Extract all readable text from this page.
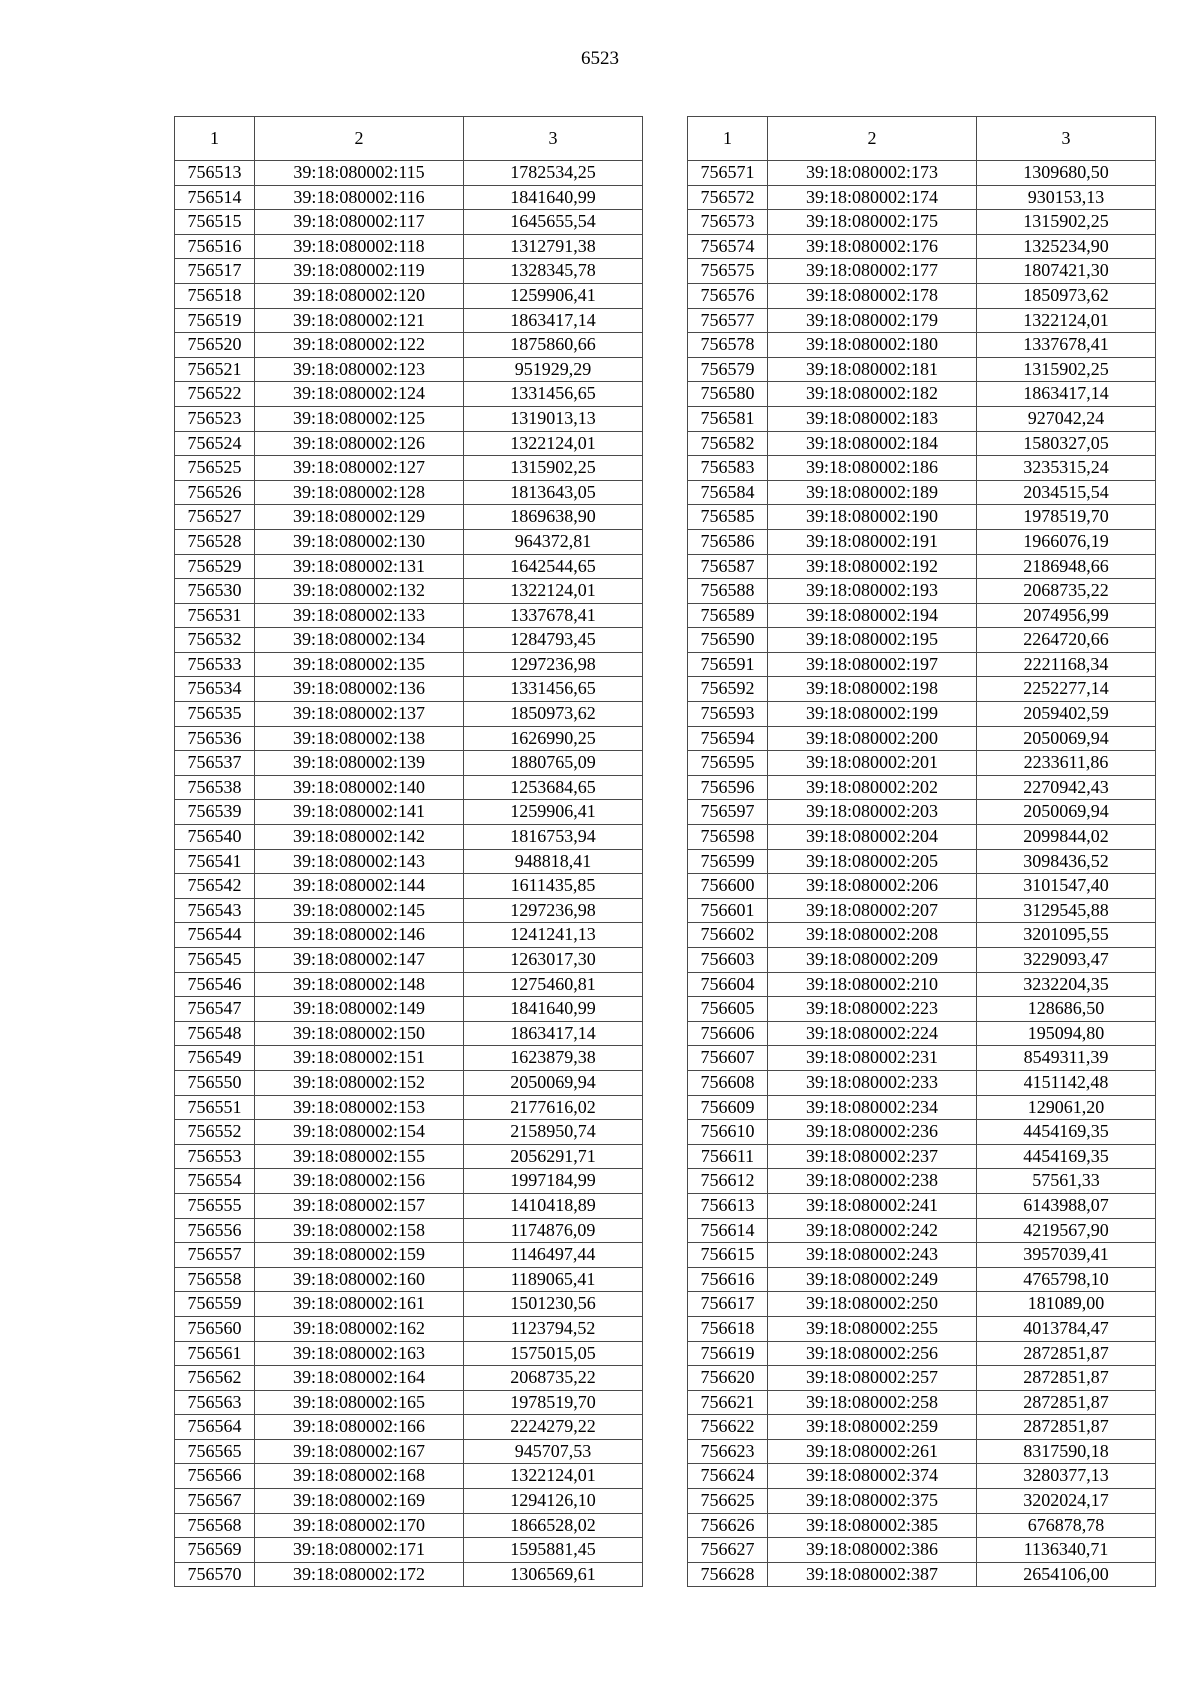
6523
1	2	3
756513	39:18:080002:115	1782534,25
756514	39:18:080002:116	1841640,99
756515	39:18:080002:117	1645655,54
756516	39:18:080002:118	1312791,38
756517	39:18:080002:119	1328345,78
756518	39:18:080002:120	1259906,41
756519	39:18:080002:121	1863417,14
756520	39:18:080002:122	1875860,66
756521	39:18:080002:123	951929,29
756522	39:18:080002:124	1331456,65
756523	39:18:080002:125	1319013,13
756524	39:18:080002:126	1322124,01
756525	39:18:080002:127	1315902,25
756526	39:18:080002:128	1813643,05
756527	39:18:080002:129	1869638,90
756528	39:18:080002:130	964372,81
756529	39:18:080002:131	1642544,65
756530	39:18:080002:132	1322124,01
756531	39:18:080002:133	1337678,41
756532	39:18:080002:134	1284793,45
756533	39:18:080002:135	1297236,98
756534	39:18:080002:136	1331456,65
756535	39:18:080002:137	1850973,62
756536	39:18:080002:138	1626990,25
756537	39:18:080002:139	1880765,09
756538	39:18:080002:140	1253684,65
756539	39:18:080002:141	1259906,41
756540	39:18:080002:142	1816753,94
756541	39:18:080002:143	948818,41
756542	39:18:080002:144	1611435,85
756543	39:18:080002:145	1297236,98
756544	39:18:080002:146	1241241,13
756545	39:18:080002:147	1263017,30
756546	39:18:080002:148	1275460,81
756547	39:18:080002:149	1841640,99
756548	39:18:080002:150	1863417,14
756549	39:18:080002:151	1623879,38
756550	39:18:080002:152	2050069,94
756551	39:18:080002:153	2177616,02
756552	39:18:080002:154	2158950,74
756553	39:18:080002:155	2056291,71
756554	39:18:080002:156	1997184,99
756555	39:18:080002:157	1410418,89
756556	39:18:080002:158	1174876,09
756557	39:18:080002:159	1146497,44
756558	39:18:080002:160	1189065,41
756559	39:18:080002:161	1501230,56
756560	39:18:080002:162	1123794,52
756561	39:18:080002:163	1575015,05
756562	39:18:080002:164	2068735,22
756563	39:18:080002:165	1978519,70
756564	39:18:080002:166	2224279,22
756565	39:18:080002:167	945707,53
756566	39:18:080002:168	1322124,01
756567	39:18:080002:169	1294126,10
756568	39:18:080002:170	1866528,02
756569	39:18:080002:171	1595881,45
756570	39:18:080002:172	1306569,61
1	2	3
756571	39:18:080002:173	1309680,50
756572	39:18:080002:174	930153,13
756573	39:18:080002:175	1315902,25
756574	39:18:080002:176	1325234,90
756575	39:18:080002:177	1807421,30
756576	39:18:080002:178	1850973,62
756577	39:18:080002:179	1322124,01
756578	39:18:080002:180	1337678,41
756579	39:18:080002:181	1315902,25
756580	39:18:080002:182	1863417,14
756581	39:18:080002:183	927042,24
756582	39:18:080002:184	1580327,05
756583	39:18:080002:186	3235315,24
756584	39:18:080002:189	2034515,54
756585	39:18:080002:190	1978519,70
756586	39:18:080002:191	1966076,19
756587	39:18:080002:192	2186948,66
756588	39:18:080002:193	2068735,22
756589	39:18:080002:194	2074956,99
756590	39:18:080002:195	2264720,66
756591	39:18:080002:197	2221168,34
756592	39:18:080002:198	2252277,14
756593	39:18:080002:199	2059402,59
756594	39:18:080002:200	2050069,94
756595	39:18:080002:201	2233611,86
756596	39:18:080002:202	2270942,43
756597	39:18:080002:203	2050069,94
756598	39:18:080002:204	2099844,02
756599	39:18:080002:205	3098436,52
756600	39:18:080002:206	3101547,40
756601	39:18:080002:207	3129545,88
756602	39:18:080002:208	3201095,55
756603	39:18:080002:209	3229093,47
756604	39:18:080002:210	3232204,35
756605	39:18:080002:223	128686,50
756606	39:18:080002:224	195094,80
756607	39:18:080002:231	8549311,39
756608	39:18:080002:233	4151142,48
756609	39:18:080002:234	129061,20
756610	39:18:080002:236	4454169,35
756611	39:18:080002:237	4454169,35
756612	39:18:080002:238	57561,33
756613	39:18:080002:241	6143988,07
756614	39:18:080002:242	4219567,90
756615	39:18:080002:243	3957039,41
756616	39:18:080002:249	4765798,10
756617	39:18:080002:250	181089,00
756618	39:18:080002:255	4013784,47
756619	39:18:080002:256	2872851,87
756620	39:18:080002:257	2872851,87
756621	39:18:080002:258	2872851,87
756622	39:18:080002:259	2872851,87
756623	39:18:080002:261	8317590,18
756624	39:18:080002:374	3280377,13
756625	39:18:080002:375	3202024,17
756626	39:18:080002:385	676878,78
756627	39:18:080002:386	1136340,71
756628	39:18:080002:387	2654106,00
